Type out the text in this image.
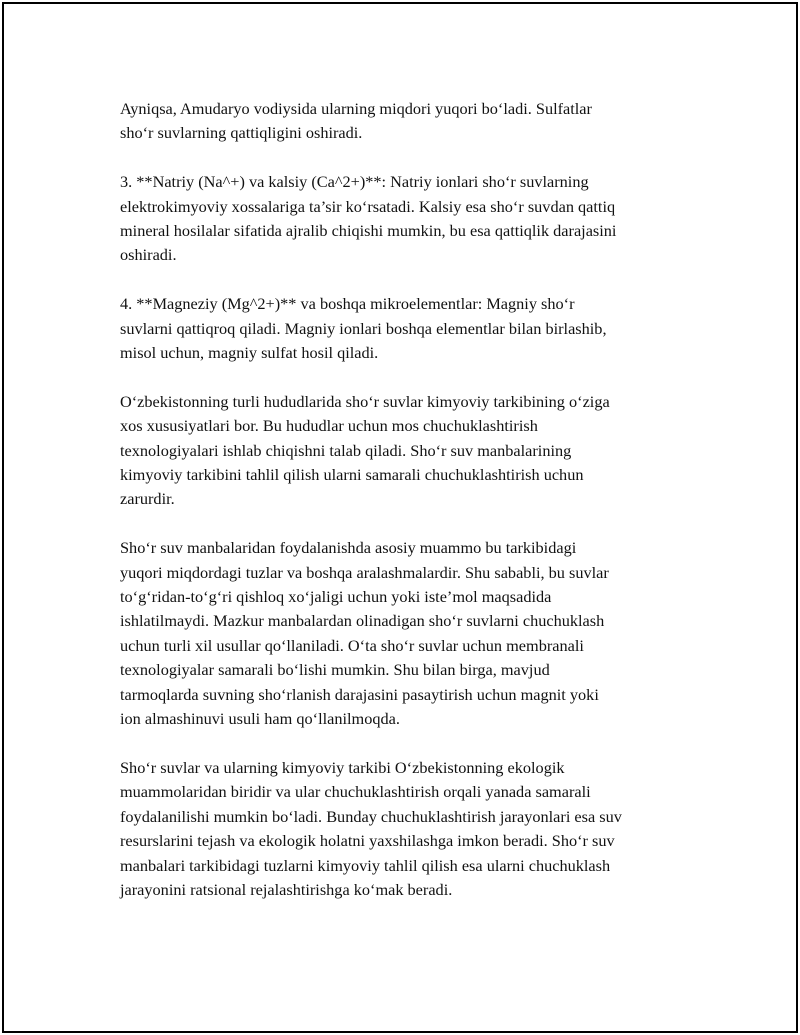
Ayniqsa, Amudaryo vodiysida ularning miqdori yuqori bo‘ladi. Sulfatlar
sho‘r suvlarning qattiqligini oshiradi.

3. **Natriy (Na^+) va kalsiy (Ca^2+)**: Natriy ionlari sho‘r suvlarning
elektrokimyoviy xossalariga ta’sir ko‘rsatadi. Kalsiy esa sho‘r suvdan qattiq
mineral hosilalar sifatida ajralib chiqishi mumkin, bu esa qattiqlik darajasini
oshiradi.

4. **Magneziy (Mg^2+)** va boshqa mikroelementlar: Magniy sho‘r
suvlarni qattiqroq qiladi. Magniy ionlari boshqa elementlar bilan birlashib,
misol uchun, magniy sulfat hosil qiladi.

O‘zbekistonning turli hududlarida sho‘r suvlar kimyoviy tarkibining o‘ziga
xos xususiyatlari bor. Bu hududlar uchun mos chuchuklashtirish
texnologiyalari ishlab chiqishni talab qiladi. Sho‘r suv manbalarining
kimyoviy tarkibini tahlil qilish ularni samarali chuchuklashtirish uchun
zarurdir.

Sho‘r suv manbalaridan foydalanishda asosiy muammo bu tarkibidagi
yuqori miqdordagi tuzlar va boshqa aralashmalardir. Shu sababli, bu suvlar
to‘g‘ridan-to‘g‘ri qishloq xo‘jaligi uchun yoki iste’mol maqsadida
ishlatilmaydi. Mazkur manbalardan olinadigan sho‘r suvlarni chuchuklash
uchun turli xil usullar qo‘llaniladi. O‘ta sho‘r suvlar uchun membranali
texnologiyalar samarali bo‘lishi mumkin. Shu bilan birga, mavjud
tarmoqlarda suvning sho‘rlanish darajasini pasaytirish uchun magnit yoki
ion almashinuvi usuli ham qo‘llanilmoqda.

Sho‘r suvlar va ularning kimyoviy tarkibi O‘zbekistonning ekologik
muammolaridan biridir va ular chuchuklashtirish orqali yanada samarali
foydalanilishi mumkin bo‘ladi. Bunday chuchuklashtirish jarayonlari esa suv
resurslarini tejash va ekologik holatni yaxshilashga imkon beradi. Sho‘r suv
manbalari tarkibidagi tuzlarni kimyoviy tahlil qilish esa ularni chuchuklash
jarayonini ratsional rejalashtirishga ko‘mak beradi.
